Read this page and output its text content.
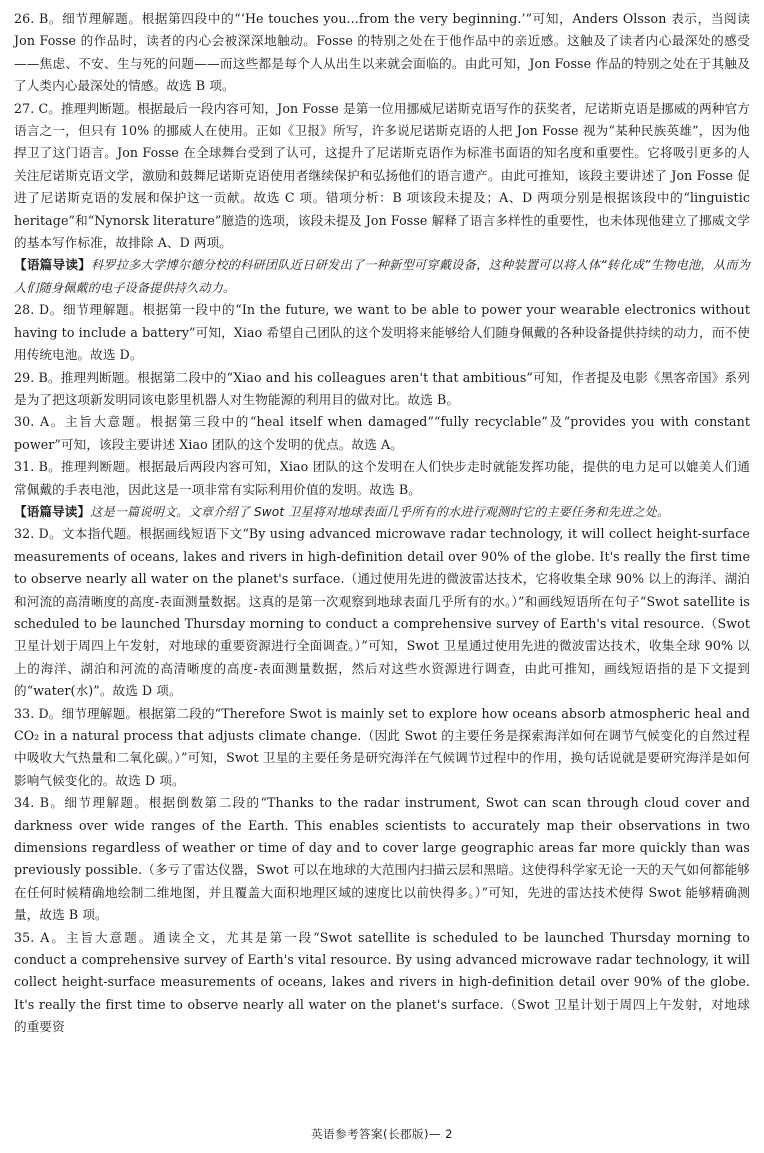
26. B。细节理解题。根据第四段中的“‘He touches you...from the very beginning.’”可知，Anders Olsson 表示，当阅读 Jon Fosse 的作品时，读者的内心会被深深地触动。Fosse 的特别之处在于他作品中的亲近感。这触及了读者内心最深处的感受——焦虑、不安、生与死的问题——而这些都是每个人从出生以来就会面临的。由此可知，Jon Fosse 作品的特别之处在于其触及了人类内心最深处的情感。故选 B 项。

27. C。推理判断题。根据最后一段内容可知，Jon Fosse 是第一位用挪威尼诺斯克语写作的获奖者，尼诺斯克语是挪威的两种官方语言之一，但只有 10% 的挪威人在使用。正如《卫报》所写，许多说尼诺斯克语的人把 Jon Fosse 视为“某种民族英雄”，因为他捍卫了这门语言。Jon Fosse 在全球舞台受到了认可，这提升了尼诺斯克语作为标准书面语的知名度和重要性。它将吸引更多的人关注尼诺斯克语文学，激励和鼓舞尼诺斯克语使用者继续保护和弘扬他们的语言遗产。由此可推知，该段主要讲述了 Jon Fosse 促进了尼诺斯克语的发展和保护这一贡献。故选 C 项。错项分析：B 项该段未提及；A、D 两项分别是根据该段中的“linguistic heritage”和“Nynorsk literature”臆造的选项，该段未提及 Jon Fosse 解释了语言多样性的重要性，也未体现他建立了挪威文学的基本写作标准，故排除 A、D 两项。

【语篇导读】科罗拉多大学博尔德分校的科研团队近日研发出了一种新型可穿戴设备，这种装置可以将人体“转化成”生物电池，从而为人们随身佩戴的电子设备提供持久动力。

28. D。细节理解题。根据第一段中的“In the future, we want to be able to power your wearable electronics without having to include a battery”可知，Xiao 希望自己团队的这个发明将来能够给人们随身佩戴的各种设备提供持续的动力，而不使用传统电池。故选 D。

29. B。推理判断题。根据第二段中的“Xiao and his colleagues aren't that ambitious”可知，作者提及电影《黑客帝国》系列是为了把这项新发明同该电影里机器人对生物能源的利用目的做对比。故选 B。

30. A。主旨大意题。根据第三段中的“heal itself when damaged”“fully recyclable”及“provides you with constant power”可知，该段主要讲述 Xiao 团队的这个发明的优点。故选 A。

31. B。推理判断题。根据最后两段内容可知，Xiao 团队的这个发明在人们快步走时就能发挥功能，提供的电力足可以媲美人们通常佩戴的手表电池，因此这是一项非常有实际利用价值的发明。故选 B。

【语篇导读】这是一篇说明文。文章介绍了 Swot 卫星将对地球表面几乎所有的水进行观测时它的主要任务和先进之处。

32. D。文本指代题。根据画线短语下文“By using advanced microwave radar technology, it will collect height-surface measurements of oceans, lakes and rivers in high-definition detail over 90% of the globe. It's really the first time to observe nearly all water on the planet's surface.（通过使用先进的微波雷达技术，它将收集全球 90% 以上的海洋、湖泊和河流的高清晰度的高度-表面测量数据。这真的是第一次观察到地球表面几乎所有的水。）”和画线短语所在句子“Swot satellite is scheduled to be launched Thursday morning to conduct a comprehensive survey of Earth's vital resource.（Swot 卫星计划于周四上午发射，对地球的重要资源进行全面调查。）”可知，Swot 卫星通过使用先进的微波雷达技术，收集全球 90% 以上的海洋、湖泊和河流的高清晰度的高度-表面测量数据，然后对这些水资源进行调查，由此可推知，画线短语指的是下文提到的“water(水)”。故选 D 项。

33. D。细节理解题。根据第二段的“Therefore Swot is mainly set to explore how oceans absorb atmospheric heal and CO₂ in a natural process that adjusts climate change.（因此 Swot 的主要任务是探索海洋如何在调节气候变化的自然过程中吸收大气热量和二氧化碳。）”可知，Swot 卫星的主要任务是研究海洋在气候调节过程中的作用，换句话说就是要研究海洋是如何影响气候变化的。故选 D 项。

34. B。细节理解题。根据倒数第二段的“Thanks to the radar instrument, Swot can scan through cloud cover and darkness over wide ranges of the Earth. This enables scientists to accurately map their observations in two dimensions regardless of weather or time of day and to cover large geographic areas far more quickly than was previously possible.（多亏了雷达仪器，Swot 可以在地球的大范围内扫描云层和黑暗。这使得科学家无论一天的天气如何都能够在任何时候精确地绘制二维地图，并且覆盖大面积地理区域的速度比以前快得多。）”可知，先进的雷达技术使得 Swot 能够精确测量，故选 B 项。

35. A。主旨大意题。通读全文，尤其是第一段“Swot satellite is scheduled to be launched Thursday morning to conduct a comprehensive survey of Earth's vital resource. By using advanced microwave radar technology, it will collect height-surface measurements of oceans, lakes and rivers in high-definition detail over 90% of the globe. It's really the first time to observe nearly all water on the planet's surface.（Swot 卫星计划于周四上午发射，对地球的重要资

英语参考答案(长郡版)— 2
